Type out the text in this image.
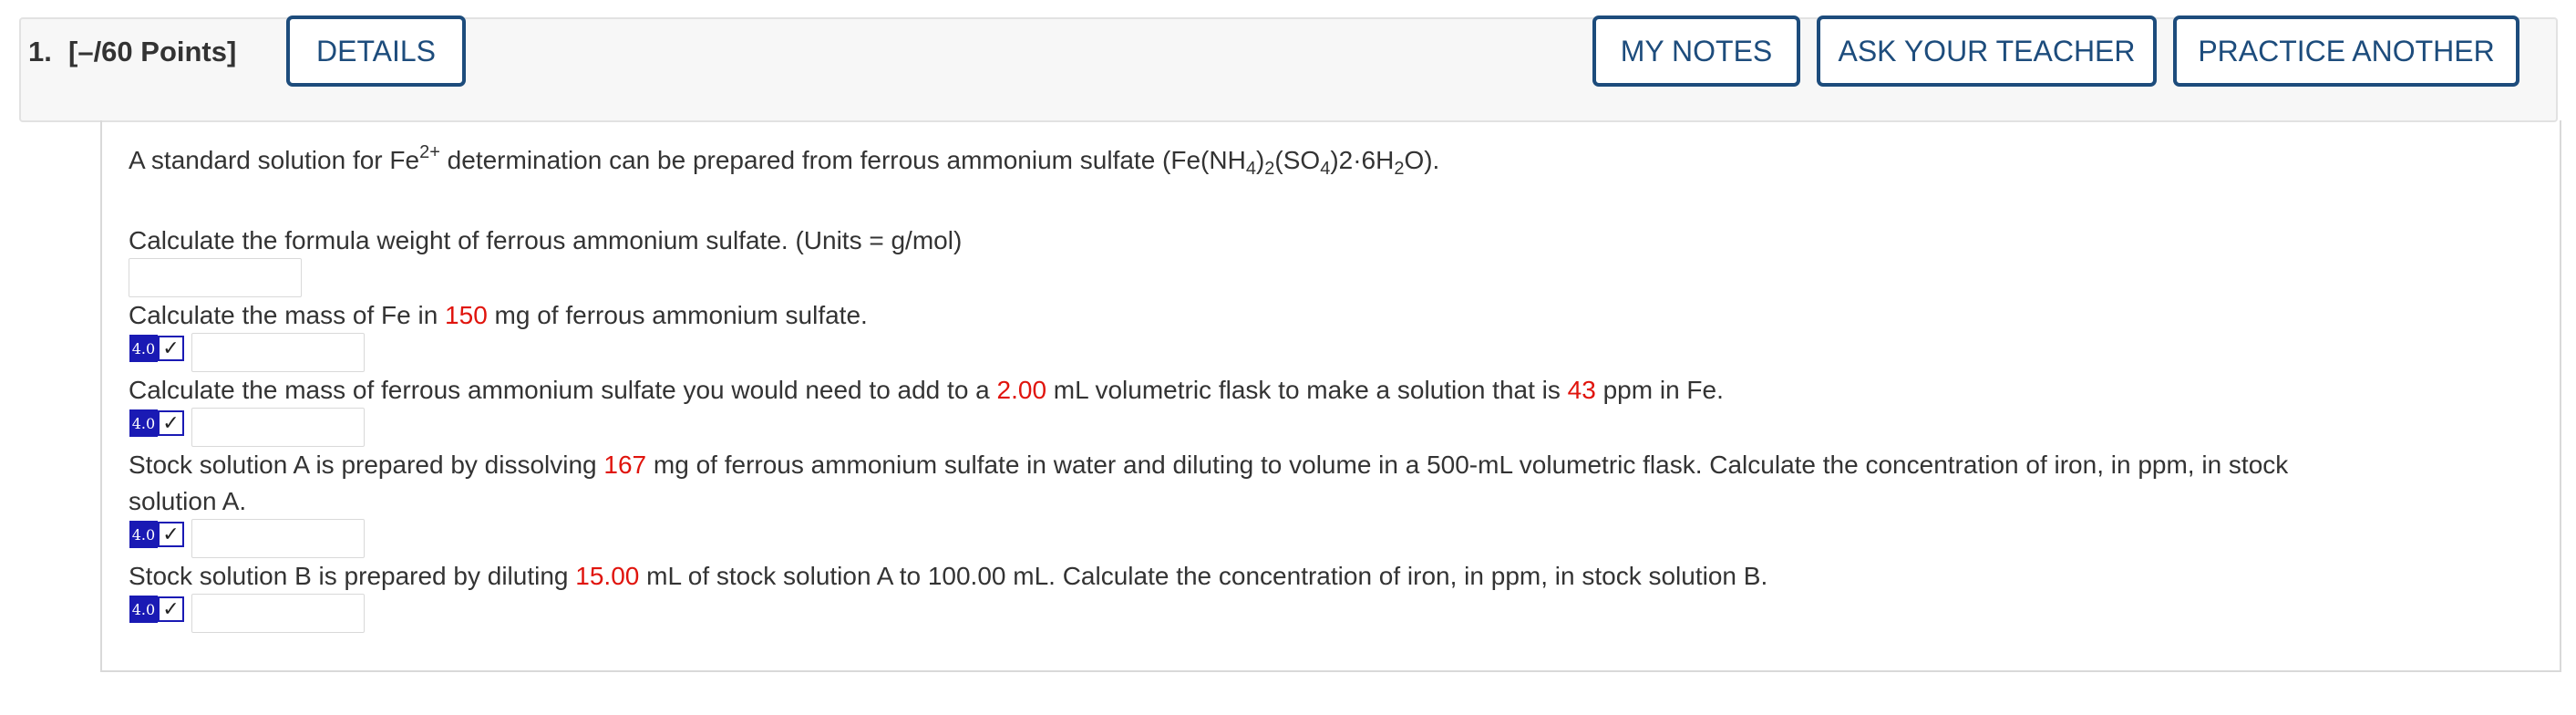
1. [–/60 Points]	DETAILS	MY NOTES	ASK YOUR TEACHER	PRACTICE ANOTHER
A standard solution for $Fe^{2+}$ determination can be prepared from ferrous ammonium sulfate $(Fe(NH_4)_2(SO_4)2\cdot 6H_2O)$.
Calculate the formula weight of ferrous ammonium sulfate. (Units = g/mol)
Calculate the mass of Fe in 150 mg of ferrous ammonium sulfate.
4.0 ✓
Calculate the mass of ferrous ammonium sulfate you would need to add to a 2.00 mL volumetric flask to make a solution that is 43 ppm in Fe.
4.0 ✓
Stock solution A is prepared by dissolving 167 mg of ferrous ammonium sulfate in water and diluting to volume in a 500-mL volumetric flask. Calculate the concentration of iron, in ppm, in stock
solution A.
4.0 ✓
Stock solution B is prepared by diluting 15.00 mL of stock solution A to 100.00 mL. Calculate the concentration of iron, in ppm, in stock solution B.
4.0 ✓
